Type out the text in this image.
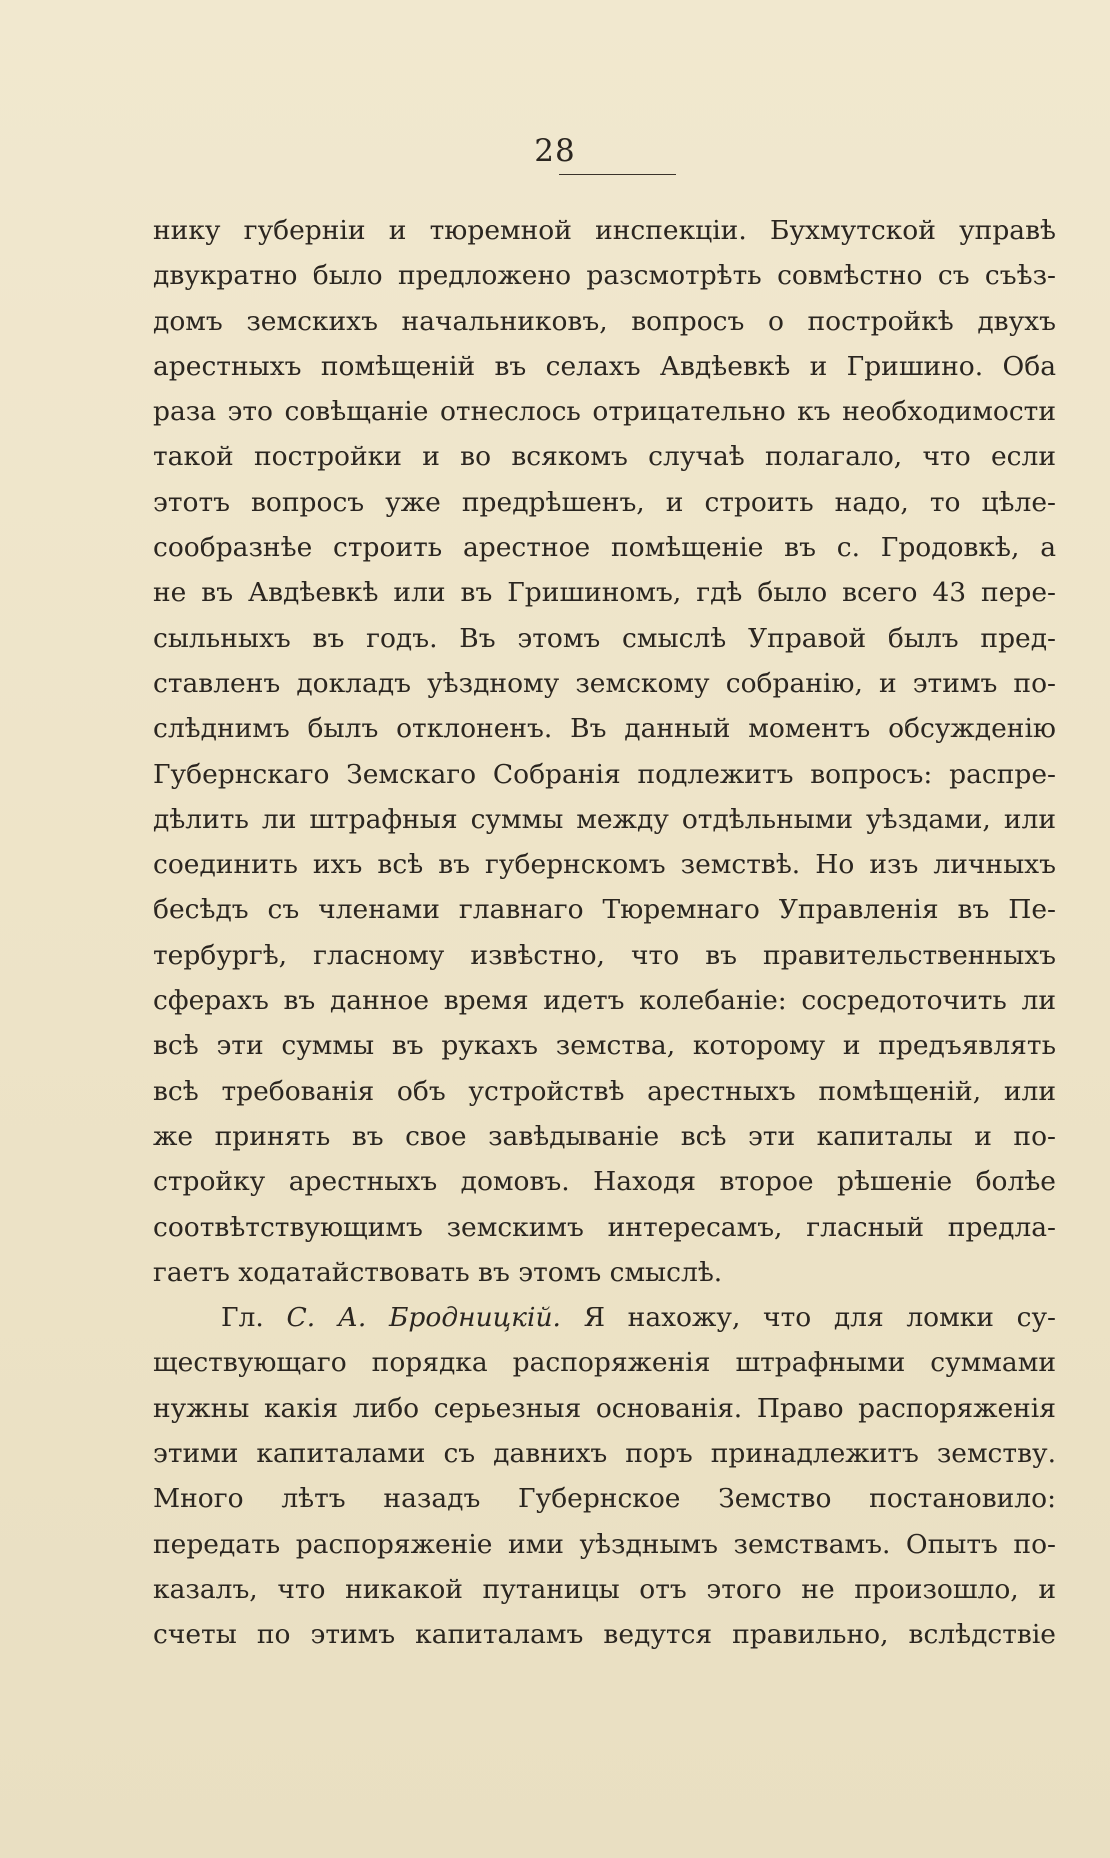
28
нику губерніи и тюремной инспекціи. Бухмутской управѣ
двукратно было предложено разсмотрѣть совмѣстно съ съѣз-
домъ земскихъ начальниковъ, вопросъ о постройкѣ двухъ
арестныхъ помѣщеній въ селахъ Авдѣевкѣ и Гришино. Оба
раза это совѣщаніе отнеслось отрицательно къ необходимости
такой постройки и во всякомъ случаѣ полагало, что если
этотъ вопросъ уже предрѣшенъ, и строить надо, то цѣле-
сообразнѣе строить арестное помѣщеніе въ с. Гродовкѣ, а
не въ Авдѣевкѣ или въ Гришиномъ, гдѣ было всего 43 пере-
сыльныхъ въ годъ. Въ этомъ смыслѣ Управой былъ пред-
ставленъ докладъ уѣздному земскому собранію, и этимъ по-
слѣднимъ былъ отклоненъ. Въ данный моментъ обсужденію
Губернскаго Земскаго Собранія подлежитъ вопросъ: распре-
дѣлить ли штрафныя суммы между отдѣльными уѣздами, или
соединить ихъ всѣ въ губернскомъ земствѣ. Но изъ личныхъ
бесѣдъ съ членами главнаго Тюремнаго Управленія въ Пе-
тербургѣ, гласному извѣстно, что въ правительственныхъ
сферахъ въ данное время идетъ колебаніе: сосредоточить ли
всѣ эти суммы въ рукахъ земства, которому и предъявлять
всѣ требованія объ устройствѣ арестныхъ помѣщеній, или
же принять въ свое завѣдываніе всѣ эти капиталы и по-
стройку арестныхъ домовъ. Находя второе рѣшеніе болѣе
соотвѣтствующимъ земскимъ интересамъ, гласный предла-
гаетъ ходатайствовать въ этомъ смыслѣ.
Гл. С. А. Бродницкій. Я нахожу, что для ломки су-
ществующаго порядка распоряженія штрафными суммами
нужны какія либо серьезныя основанія. Право распоряженія
этими капиталами съ давнихъ поръ принадлежитъ земству.
Много лѣтъ назадъ Губернское Земство постановило:
передать распоряженіе ими уѣзднымъ земствамъ. Опытъ по-
казалъ, что никакой путаницы отъ этого не произошло, и
счеты по этимъ капиталамъ ведутся правильно, вслѣдствіе
